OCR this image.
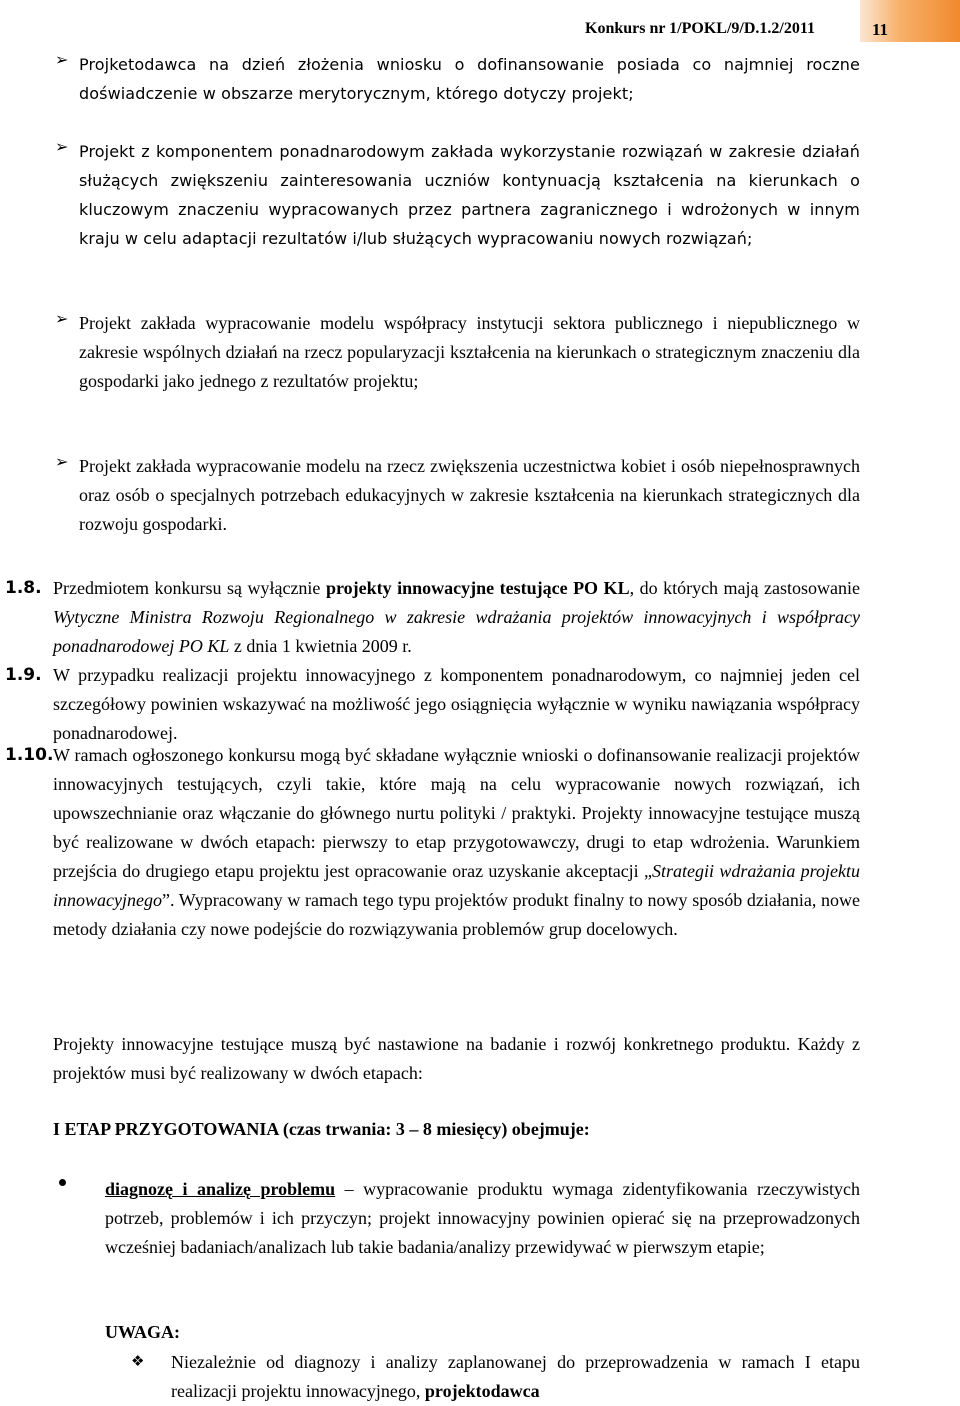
Konkurs nr 1/POKL/9/D.1.2/2011	11
➢ Projketodawca na dzień złożenia wniosku o dofinansowanie posiada co najmniej roczne doświadczenie w obszarze merytorycznym, którego dotyczy projekt;
➢ Projekt z komponentem ponadnarodowym zakłada wykorzystanie rozwiązań w zakresie działań służących zwiększeniu zainteresowania uczniów kontynuacją kształcenia na kierunkach o kluczowym znaczeniu wypracowanych przez partnera zagranicznego i wdrożonych w innym kraju w celu adaptacji rezultatów i/lub służących wypracowaniu nowych rozwiązań;
➢ Projekt zakłada wypracowanie modelu współpracy instytucji sektora publicznego i niepublicznego w zakresie wspólnych działań na rzecz popularyzacji kształcenia na kierunkach o strategicznym znaczeniu dla gospodarki jako jednego z rezultatów projektu;
➢ Projekt zakłada wypracowanie modelu na rzecz zwiększenia uczestnictwa kobiet i osób niepełnosprawnych oraz osób o specjalnych potrzebach edukacyjnych w zakresie kształcenia na kierunkach strategicznych dla rozwoju gospodarki.
1.8. Przedmiotem konkursu są wyłącznie projekty innowacyjne testujące PO KL, do których mają zastosowanie Wytyczne Ministra Rozwoju Regionalnego w zakresie wdrażania projektów innowacyjnych i współpracy ponadnarodowej PO KL z dnia 1 kwietnia 2009 r.
1.9. W przypadku realizacji projektu innowacyjnego z komponentem ponadnarodowym, co najmniej jeden cel szczegółowy powinien wskazywać na możliwość jego osiągnięcia wyłącznie w wyniku nawiązania współpracy ponadnarodowej.
1.10. W ramach ogłoszonego konkursu mogą być składane wyłącznie wnioski o dofinansowanie realizacji projektów innowacyjnych testujących, czyli takie, które mają na celu wypracowanie nowych rozwiązań, ich upowszechnianie oraz włączanie do głównego nurtu polityki / praktyki. Projekty innowacyjne testujące muszą być realizowane w dwóch etapach: pierwszy to etap przygotowawczy, drugi to etap wdrożenia. Warunkiem przejścia do drugiego etapu projektu jest opracowanie oraz uzyskanie akceptacji „Strategii wdrażania projektu innowacyjnego”. Wypracowany w ramach tego typu projektów produkt finalny to nowy sposób działania, nowe metody działania czy nowe podejście do rozwiązywania problemów grup docelowych.
Projekty innowacyjne testujące muszą być nastawione na badanie i rozwój konkretnego produktu. Każdy z projektów musi być realizowany w dwóch etapach:
I ETAP PRZYGOTOWANIA (czas trwania: 3 – 8 miesięcy) obejmuje:
diagnozę i analizę problemu – wypracowanie produktu wymaga zidentyfikowania rzeczywistych potrzeb, problemów i ich przyczyn; projekt innowacyjny powinien opierać się na przeprowadzonych wcześniej badaniach/analizach lub takie badania/analizy przewidywać w pierwszym etapie;
UWAGA:
❖ Niezależnie od diagnozy i analizy zaplanowanej do przeprowadzenia w ramach I etapu realizacji projektu innowacyjnego, projektodawca
